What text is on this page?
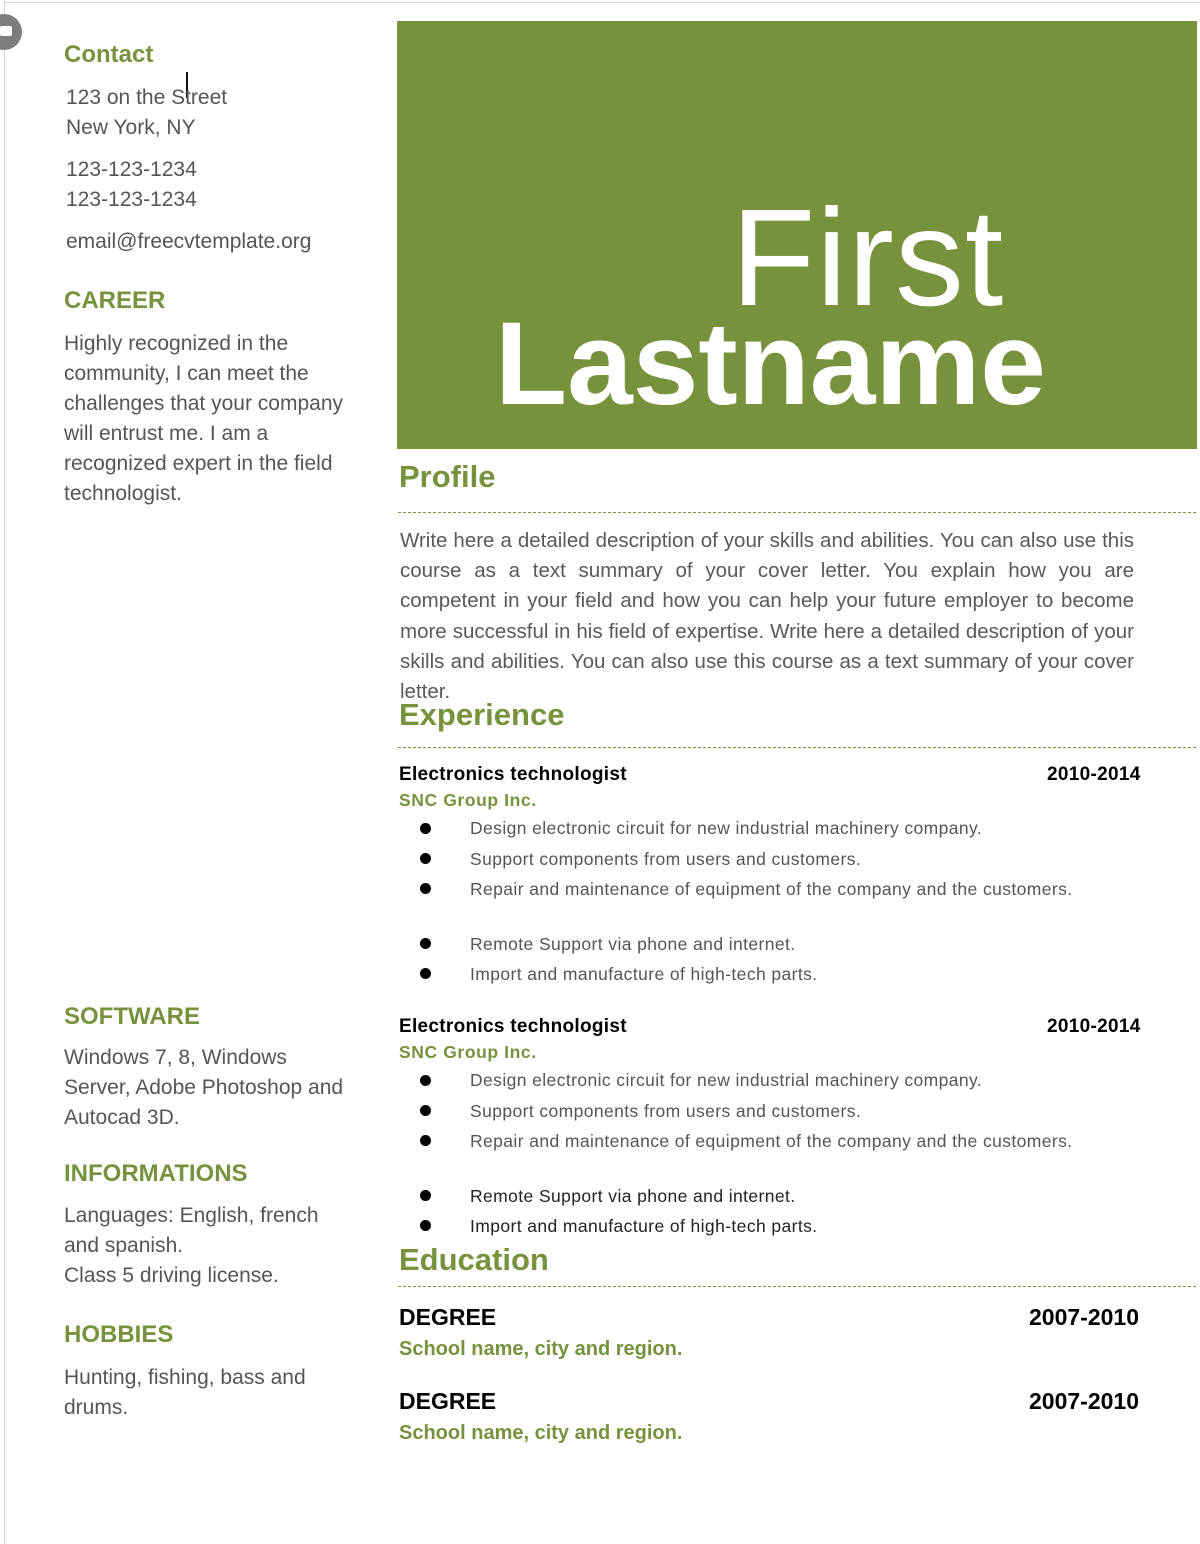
Contact

123 on the Street

New York, NY

123-123-1234

123-123-1234

email@freecvtemplate.org

CAREER

Highly recognized in the community, I can meet the challenges that your company will entrust me. I am a recognized expert in the field technologist.

SOFTWARE

Windows 7, 8, Windows Server, Adobe Photoshop and Autocad 3D.

INFORMATIONS

Languages: English, french and spanish.

Class 5 driving license.

HOBBIES

Hunting, fishing, bass and drums.

First
Lastname
Profile

Write here a detailed description of your skills and abilities. You can also use this course as a text summary of your cover letter. You explain how you are competent in your field and how you can help your future employer to become more successful in his field of expertise. Write here a detailed description of your skills and abilities. You can also use this course as a text summary of your cover letter.

Experience

Electronics technologist	2010-2014

SNC Group Inc.

Design electronic circuit for new industrial machinery company.

Support components from users and customers.

Repair and maintenance of equipment of the company and the customers.

Remote Support via phone and internet.

Import and manufacture of high-tech parts.

Electronics technologist	2010-2014

SNC Group Inc.

Design electronic circuit for new industrial machinery company.

Support components from users and customers.

Repair and maintenance of equipment of the company and the customers.

Remote Support via phone and internet.

Import and manufacture of high-tech parts.

Education

DEGREE	2007-2010

School name, city and region.

DEGREE	2007-2010

School name, city and region.
